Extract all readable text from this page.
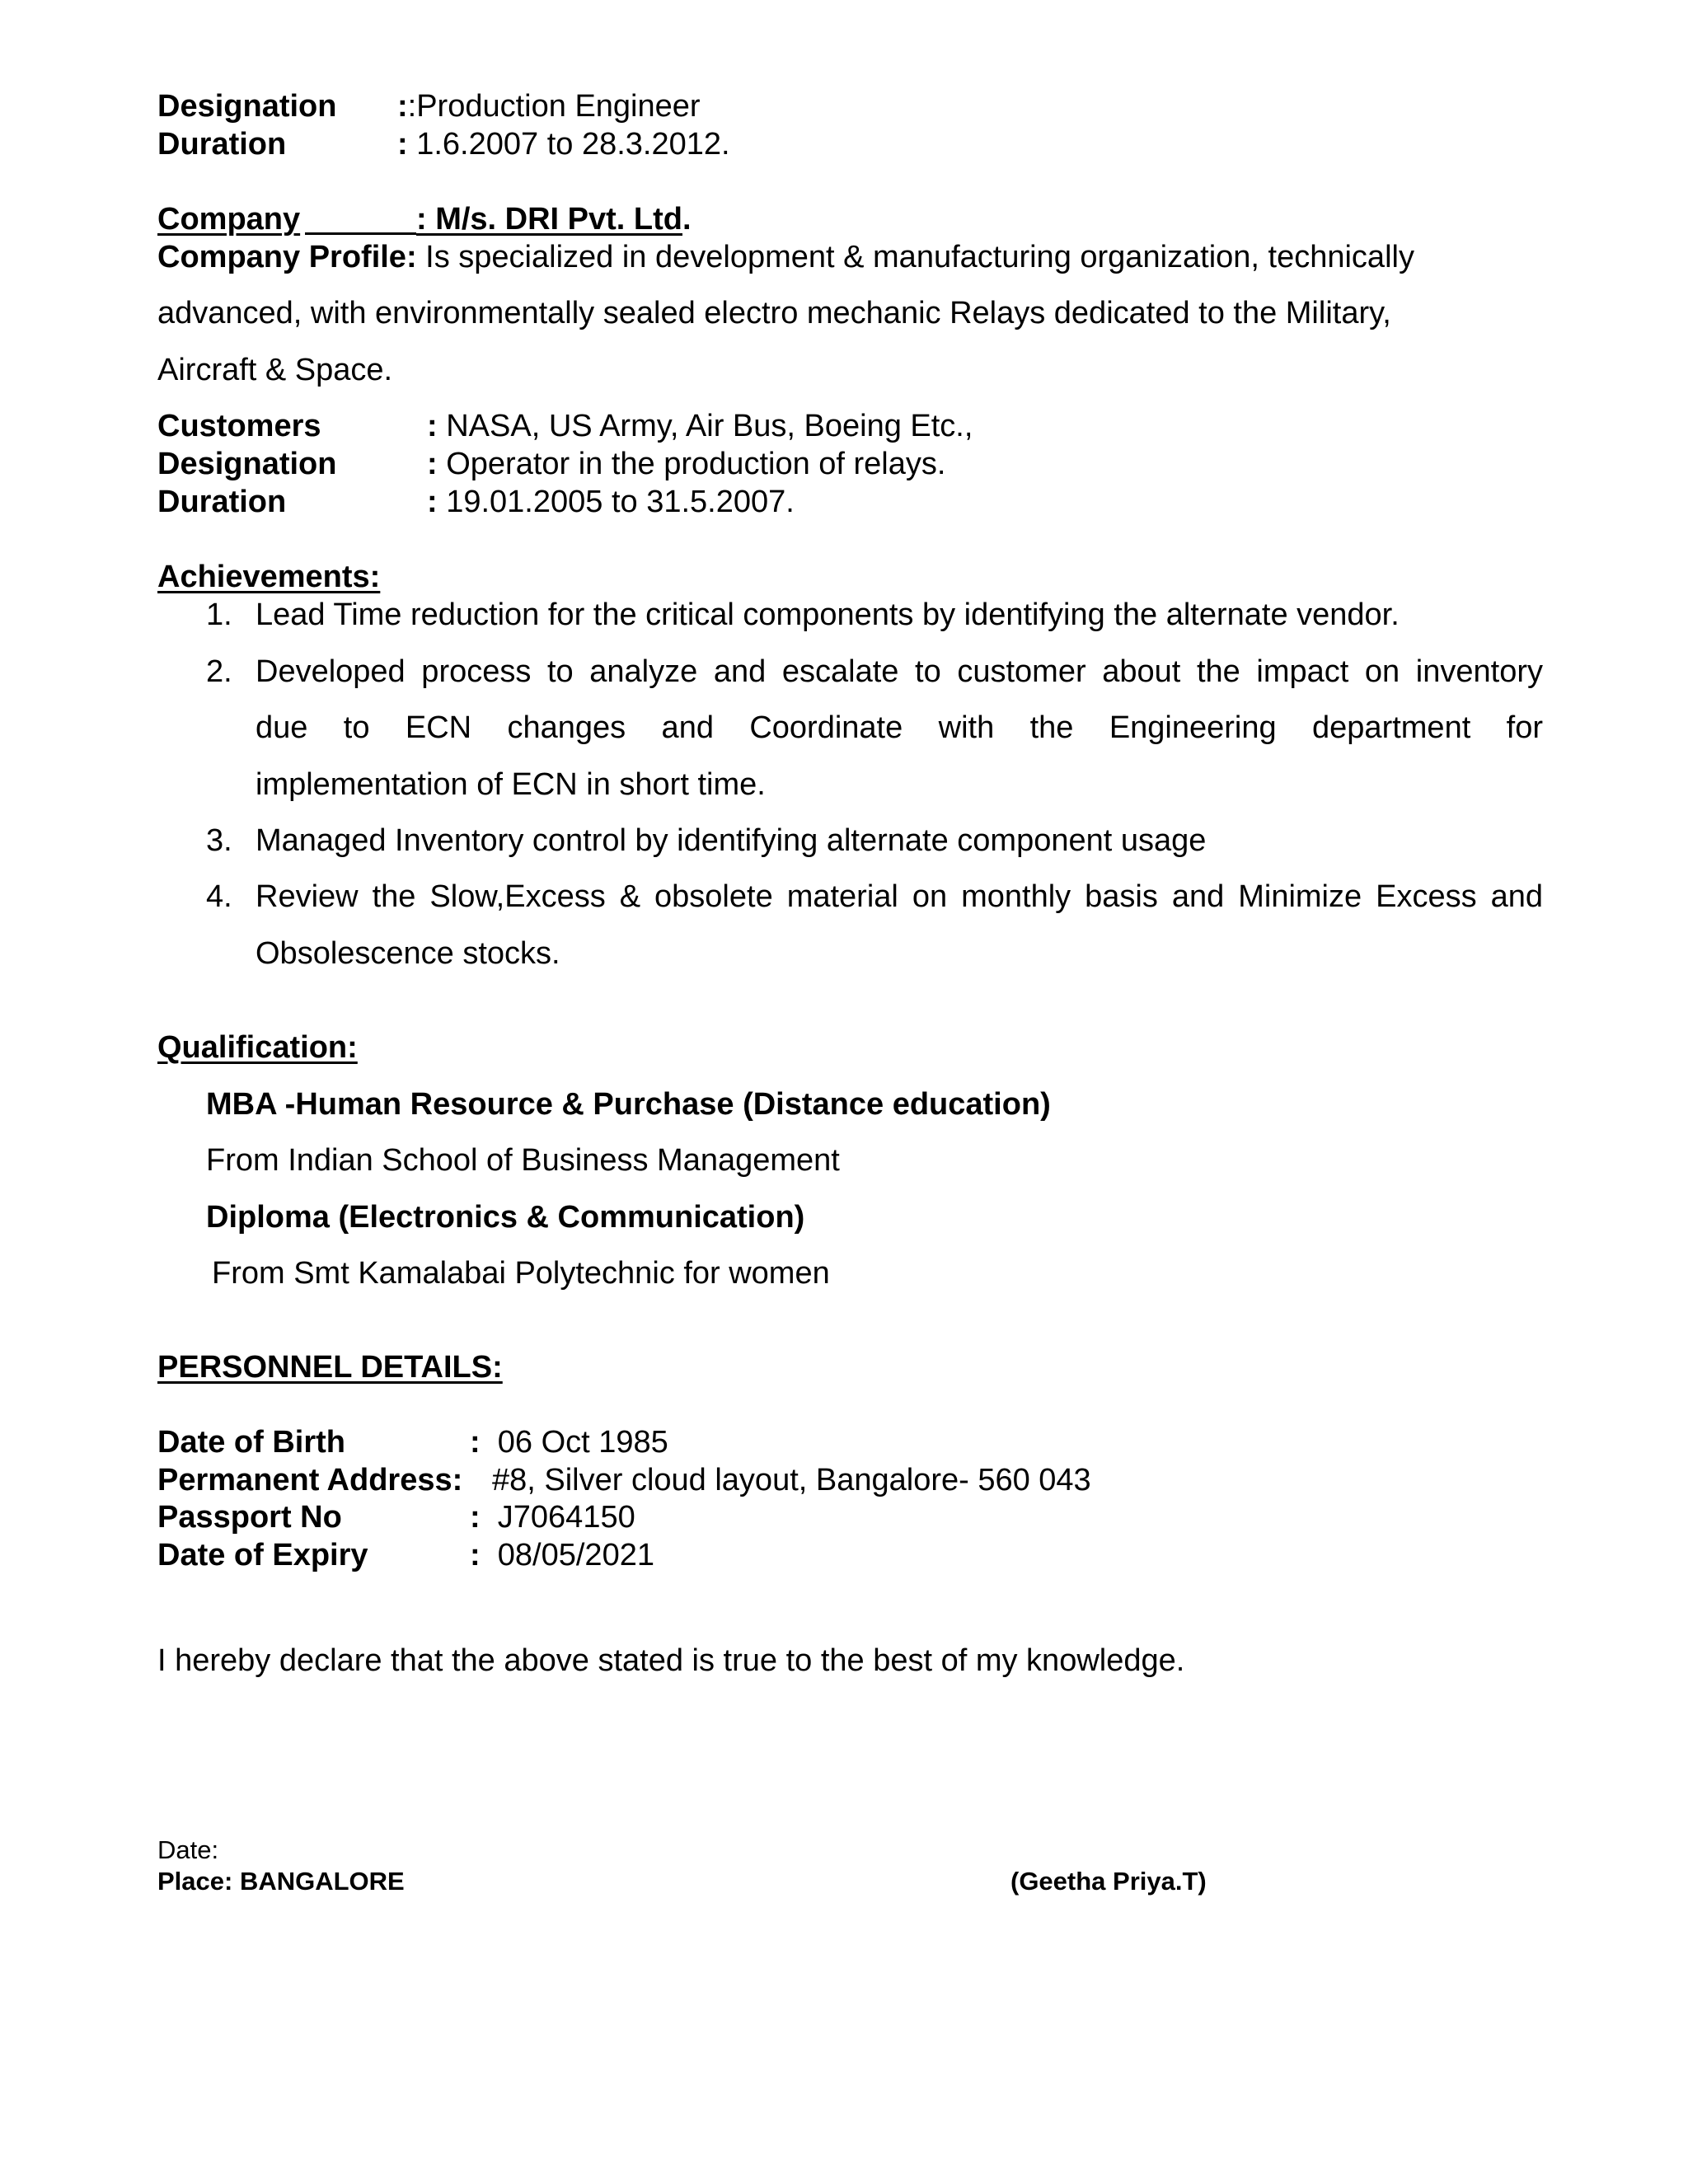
Designation ::Production Engineer
Duration	: 1.6.2007 to 28.3.2012.
Company	: M/s. DRI Pvt. Ltd.
Company Profile: Is specialized in development & manufacturing organization, technically
advanced, with environmentally sealed electro mechanic Relays dedicated to the Military,
Aircraft & Space.
Customers	: NASA, US Army, Air Bus, Boeing Etc.,
Designation	: Operator in the production of relays.
Duration	: 19.01.2005 to 31.5.2007.
Achievements:
1. Lead Time reduction for the critical components by identifying the alternate vendor.
2. Developed process to analyze and escalate to customer about the impact on inventory
due to ECN changes and Coordinate with the Engineering department for
implementation of ECN in short time.
3. Managed Inventory control by identifying alternate component usage
4. Review the Slow,Excess & obsolete material on monthly basis and Minimize Excess and
Obsolescence stocks.
Qualification:
MBA -Human Resource & Purchase (Distance education)
From Indian School of Business Management
Diploma (Electronics & Communication)
From Smt Kamalabai Polytechnic for women
PERSONNEL DETAILS:
Date of Birth	: 06 Oct 1985
Permanent Address: #8, Silver cloud layout, Bangalore- 560 043
Passport No	: J7064150
Date of Expiry	: 08/05/2021
I hereby declare that the above stated is true to the best of my knowledge.
Date:
Place: BANGALORE	(Geetha Priya.T)
